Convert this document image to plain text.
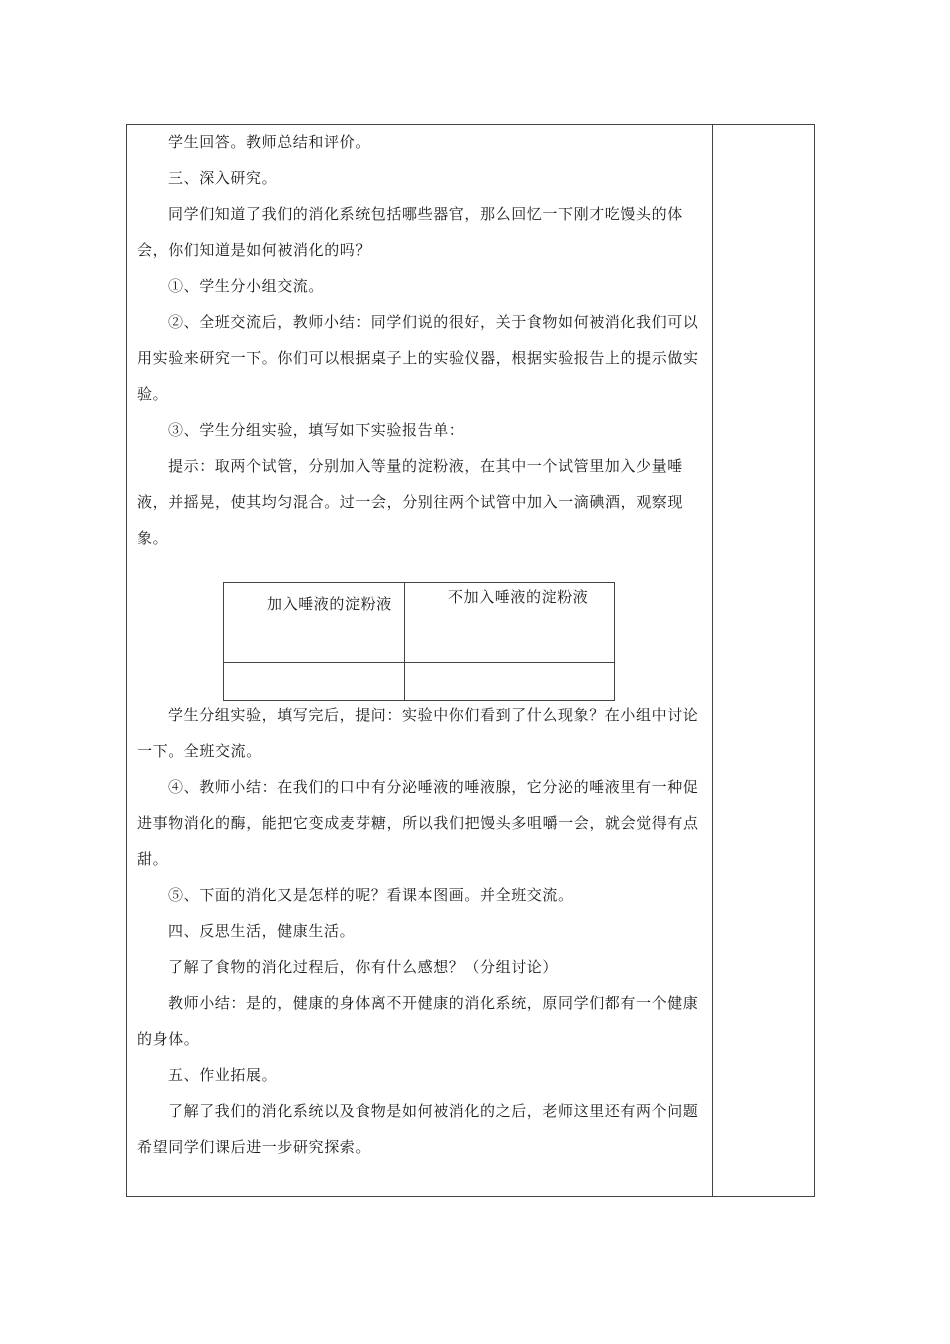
学生回答。教师总结和评价。

三、深入研究。

同学们知道了我们的消化系统包括哪些器官，那么回忆一下刚才吃馒头的体会，你们知道是如何被消化的吗？

①、学生分小组交流。

②、全班交流后，教师小结：同学们说的很好，关于食物如何被消化我们可以用实验来研究一下。你们可以根据桌子上的实验仪器，根据实验报告上的提示做实验。

③、学生分组实验，填写如下实验报告单：

提示：取两个试管，分别加入等量的淀粉液，在其中一个试管里加入少量唾液，并摇晃，使其均匀混合。过一会，分别往两个试管中加入一滴碘酒，观察现象。

加入唾液的淀粉液	不加入唾液的淀粉液

学生分组实验，填写完后，提问：实验中你们看到了什么现象？在小组中讨论一下。全班交流。

④、教师小结：在我们的口中有分泌唾液的唾液腺，它分泌的唾液里有一种促进事物消化的酶，能把它变成麦芽糖，所以我们把馒头多咀嚼一会，就会觉得有点甜。

⑤、下面的消化又是怎样的呢？看课本图画。并全班交流。

四、反思生活，健康生活。

了解了食物的消化过程后，你有什么感想？（分组讨论）

教师小结：是的，健康的身体离不开健康的消化系统，原同学们都有一个健康的身体。

五、作业拓展。

了解了我们的消化系统以及食物是如何被消化的之后，老师这里还有两个问题希望同学们课后进一步研究探索。
